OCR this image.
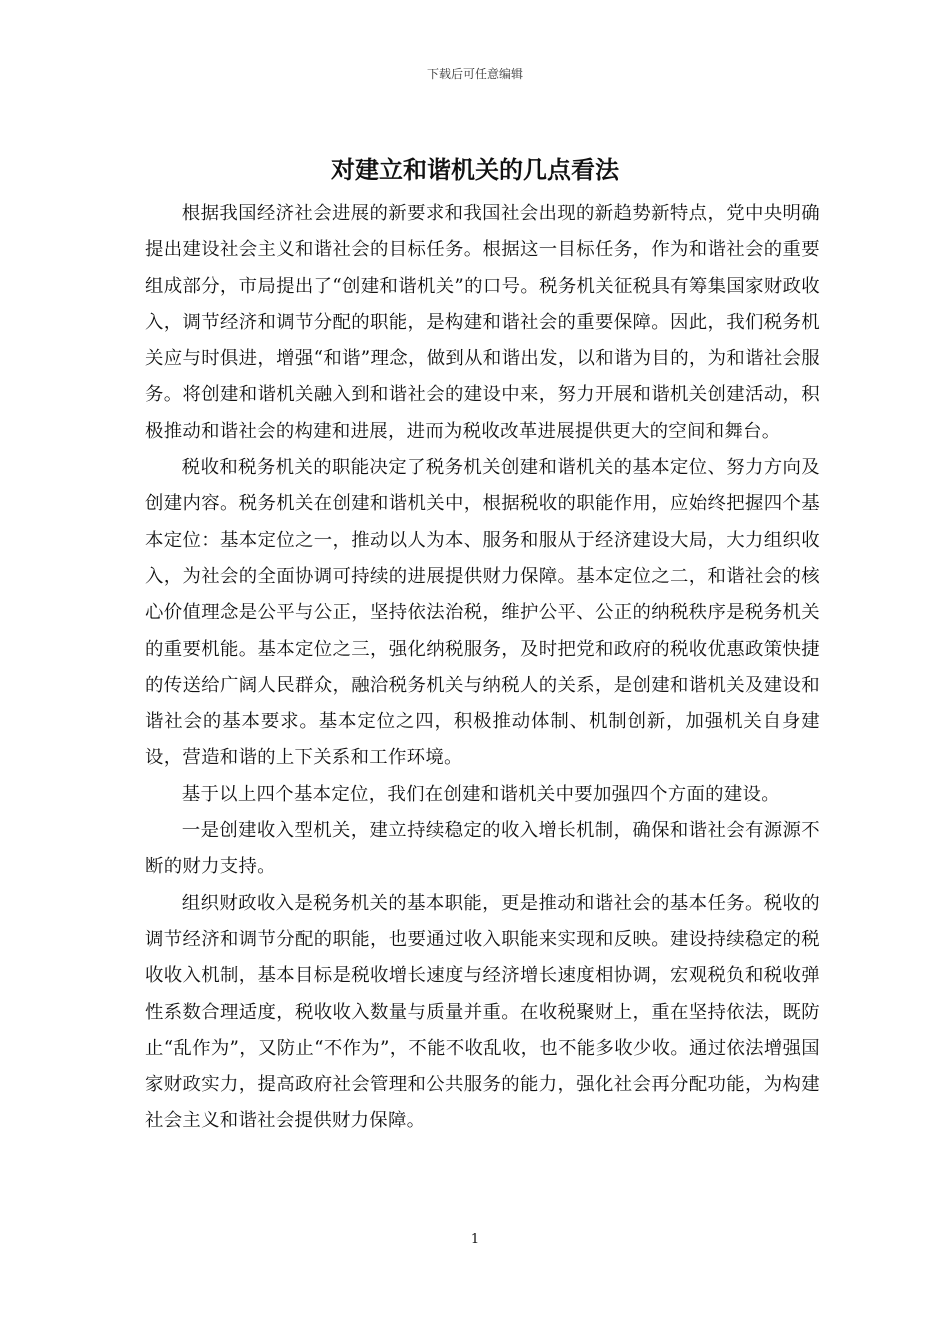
下载后可任意编辑
对建立和谐机关的几点看法

根据我国经济社会进展的新要求和我国社会出现的新趋势新特点，党中央明确提出建设社会主义和谐社会的目标任务。根据这一目标任务，作为和谐社会的重要组成部分，市局提出了“创建和谐机关”的口号。税务机关征税具有筹集国家财政收入，调节经济和调节分配的职能，是构建和谐社会的重要保障。因此，我们税务机关应与时俱进，增强“和谐”理念，做到从和谐出发，以和谐为目的，为和谐社会服务。将创建和谐机关融入到和谐社会的建设中来，努力开展和谐机关创建活动，积极推动和谐社会的构建和进展，进而为税收改革进展提供更大的空间和舞台。

税收和税务机关的职能决定了税务机关创建和谐机关的基本定位、努力方向及创建内容。税务机关在创建和谐机关中，根据税收的职能作用，应始终把握四个基本定位：基本定位之一，推动以人为本、服务和服从于经济建设大局，大力组织收入，为社会的全面协调可持续的进展提供财力保障。基本定位之二，和谐社会的核心价值理念是公平与公正，坚持依法治税，维护公平、公正的纳税秩序是税务机关的重要机能。基本定位之三，强化纳税服务，及时把党和政府的税收优惠政策快捷的传送给广阔人民群众，融洽税务机关与纳税人的关系，是创建和谐机关及建设和谐社会的基本要求。基本定位之四，积极推动体制、机制创新，加强机关自身建设，营造和谐的上下关系和工作环境。

基于以上四个基本定位，我们在创建和谐机关中要加强四个方面的建设。

一是创建收入型机关，建立持续稳定的收入增长机制，确保和谐社会有源源不断的财力支持。

组织财政收入是税务机关的基本职能，更是推动和谐社会的基本任务。税收的调节经济和调节分配的职能，也要通过收入职能来实现和反映。建设持续稳定的税收收入机制，基本目标是税收增长速度与经济增长速度相协调，宏观税负和税收弹性系数合理适度，税收收入数量与质量并重。在收税聚财上，重在坚持依法，既防止“乱作为”，又防止“不作为”，不能不收乱收，也不能多收少收。通过依法增强国家财政实力，提高政府社会管理和公共服务的能力，强化社会再分配功能，为构建社会主义和谐社会提供财力保障。

1
